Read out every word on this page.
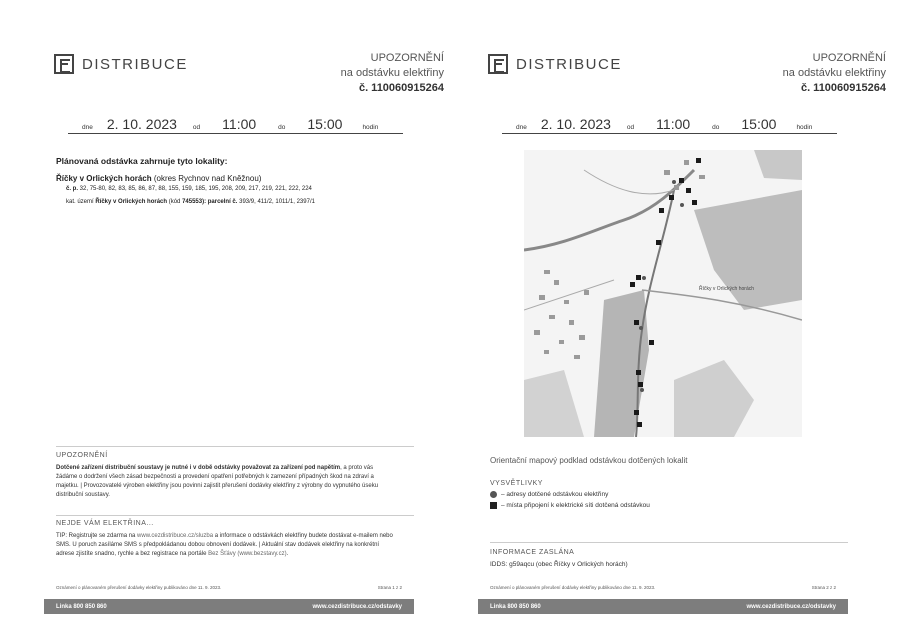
DISTRIBUCE	UPOZORNĚNÍ
na odstávku elektřiny
č. 110060915264
dne 2. 10. 2023 od 11:00	do 15:00	hodin
Plánovaná odstávka zahrnuje tyto lokality:
Říčky v Orlických horách (okres Rychnov nad Kněžnou)
č. p. 32, 75-80, 82, 83, 85, 86, 87, 88, 155, 159, 185, 195, 208, 209, 217, 219, 221, 222, 224
kat. území Říčky v Orlických horách (kód 745553): parcelní č. 393/9, 411/2, 1011/1, 2397/1
UPOZORNĚNÍ
Dotčené zařízení distribuční soustavy je nutné i v době odstávky považovat za zařízení pod napětím, a proto vás žádáme o dodržení všech zásad bezpečnosti a provedení opatření potřebných k zamezení případných škod na zdraví a majetku. | Provozovatelé výroben elektřiny jsou povinni zajistit přerušení dodávky elektřiny z výrobny do vypnutého úseku distribuční soustavy.
NEJDE VÁM ELEKTŘINA...
TIP: Registrujte se zdarma na www.cezdistribuce.cz/sluzba a informace o odstávkách elektřiny budete dostávat e-mailem nebo SMS. U poruch zasíláme SMS s předpokládanou dobou obnovení dodávek. | Aktuální stav dodávek elektřiny na konkrétní adrese zjistíte snadno, rychle a bez registrace na portále Bez Šťávy (www.bezstavy.cz).
Oznámení o plánovaném přerušení dodávky elektřiny publikováno dne 11. 9. 2023.	Strana 1 z 2
Linka 800 850 860	www.cezdistribuce.cz/odstavky
DISTRIBUCE	UPOZORNĚNÍ
na odstávku elektřiny
č. 110060915264
dne 2. 10. 2023 od 11:00	do 15:00	hodin
Říčky v Orlických horách
Orientační mapový podklad odstávkou dotčených lokalit
VYSVĚTLIVKY
– adresy dotčené odstávkou elektřiny
– místa připojení k elektrické síti dotčená odstávkou
INFORMACE ZASLÁNA
IDDS: g59aqcu (obec Říčky v Orlických horách)
Oznámení o plánovaném přerušení dodávky elektřiny publikováno dne 11. 9. 2023.	Strana 2 z 2
Linka 800 850 860	www.cezdistribuce.cz/odstavky
